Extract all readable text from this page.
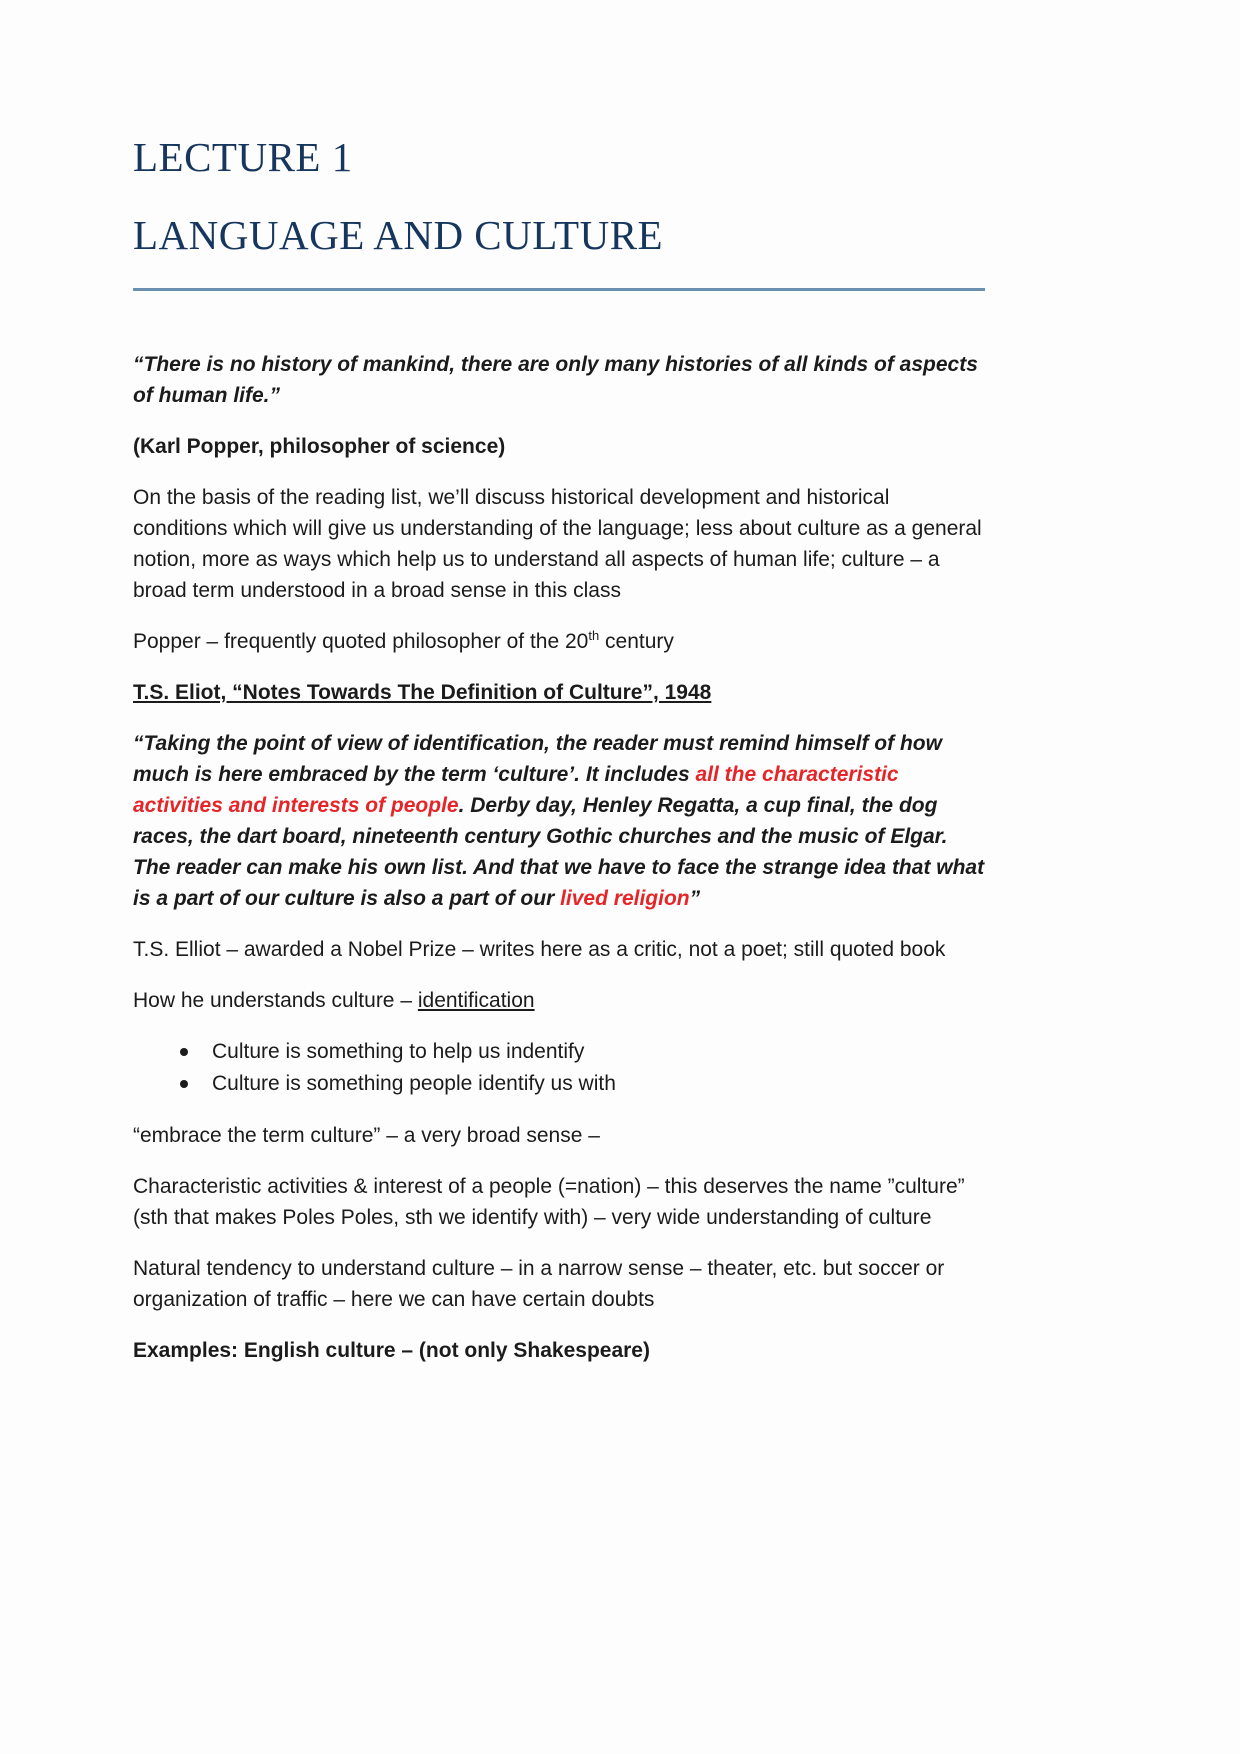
LECTURE 1
LANGUAGE AND CULTURE

“There is no history of mankind, there are only many histories of all kinds of aspects of human life.”

(Karl Popper, philosopher of science)

On the basis of the reading list, we’ll discuss historical development and historical conditions which will give us understanding of the language; less about culture as a general notion, more as ways which help us to understand all aspects of human life; culture – a broad term understood in a broad sense in this class

Popper – frequently quoted philosopher of the 20th century

T.S. Eliot, “Notes Towards The Definition of Culture”, 1948

“Taking the point of view of identification, the reader must remind himself of how much is here embraced by the term ‘culture’. It includes all the characteristic activities and interests of people. Derby day, Henley Regatta, a cup final, the dog races, the dart board, nineteenth century Gothic churches and the music of Elgar. The reader can make his own list. And that we have to face the strange idea that what is a part of our culture is also a part of our lived religion”

T.S. Elliot – awarded a Nobel Prize – writes here as a critic, not a poet; still quoted book

How he understands culture – identification

Culture is something to help us indentify
Culture is something people identify us with

“embrace the term culture” – a very broad sense –

Characteristic activities & interest of a people (=nation) – this deserves the name ”culture” (sth that makes Poles Poles, sth we identify with) – very wide understanding of culture

Natural tendency to understand culture – in a narrow sense – theater, etc. but soccer or organization of traffic – here we can have certain doubts

Examples: English culture – (not only Shakespeare)
